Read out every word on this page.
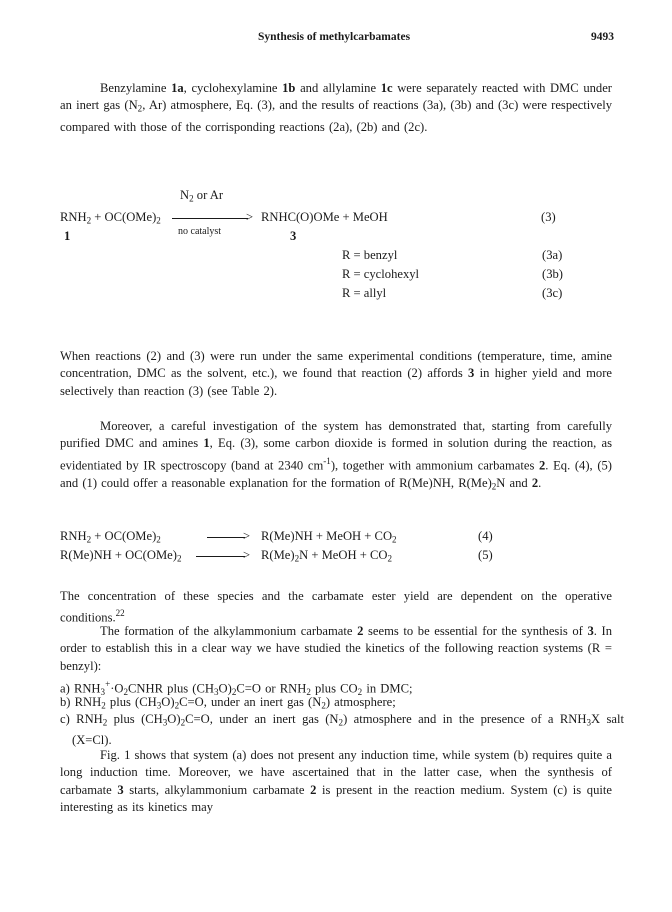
Synthesis of methylcarbamates	9493
Benzylamine 1a, cyclohexylamine 1b and allylamine 1c were separately reacted with DMC under an inert gas ($N_2$, Ar) atmosphere, Eq. (3), and the results of reactions (3a), (3b) and (3c) were respectively compared with those of the corrisponding reactions (2a), (2b) and (2c).
$N_2$ or Ar
$RNH_2 + OC(OMe)_2$	>
no catalyst
RNHC(O)OMe + MeOH	(3)
1	3
R = benzyl	(3a)
R = cyclohexyl	(3b)
R = allyl	(3c)
When reactions (2) and (3) were run under the same experimental conditions (temperature, time, amine concentration, DMC as the solvent, etc.), we found that reaction (2) affords 3 in higher yield and more selectively than reaction (3) (see Table 2).
Moreover, a careful investigation of the system has demonstrated that, starting from carefully purified DMC and amines 1, Eq. (3), some carbon dioxide is formed in solution during the reaction, as evidentiated by IR spectroscopy (band at 2340 $cm^{-1}$), together with ammonium carbamates 2. Eq. (4), (5) and (1) could offer a reasonable explanation for the formation of R(Me)NH, $R(Me)_2N$ and 2.
$RNH_2 + OC(OMe)_2$	> R(Me)NH + MeOH + $CO_2$	(4)
$R(Me)NH + OC(OMe)_2$	> $R(Me)_2N$ + MeOH + $CO_2$	(5)
The concentration of these species and the carbamate ester yield are dependent on the operative conditions.$^{22}$
The formation of the alkylammonium carbamate 2 seems to be essential for the synthesis of 3. In order to establish this in a clear way we have studied the kinetics of the following reaction systems (R = benzyl):
a) $RNH_3^+\cdot O_2CNHR$ plus $(CH_3O)_2C=O$ or $RNH_2$ plus $CO_2$ in DMC;
b) $RNH_2$ plus $(CH_3O)_2C=O$, under an inert gas $(N_2)$ atmosphere;
c) $RNH_2$ plus $(CH_3O)_2C=O$, under an inert gas $(N_2)$ atmosphere and in the presence of a $RNH_3X$ salt (X=Cl).
Fig. 1 shows that system (a) does not present any induction time, while system (b) requires quite a long induction time. Moreover, we have ascertained that in the latter case, when the synthesis of carbamate 3 starts, alkylammonium carbamate 2 is present in the reaction medium. System (c) is quite interesting as its kinetics may
